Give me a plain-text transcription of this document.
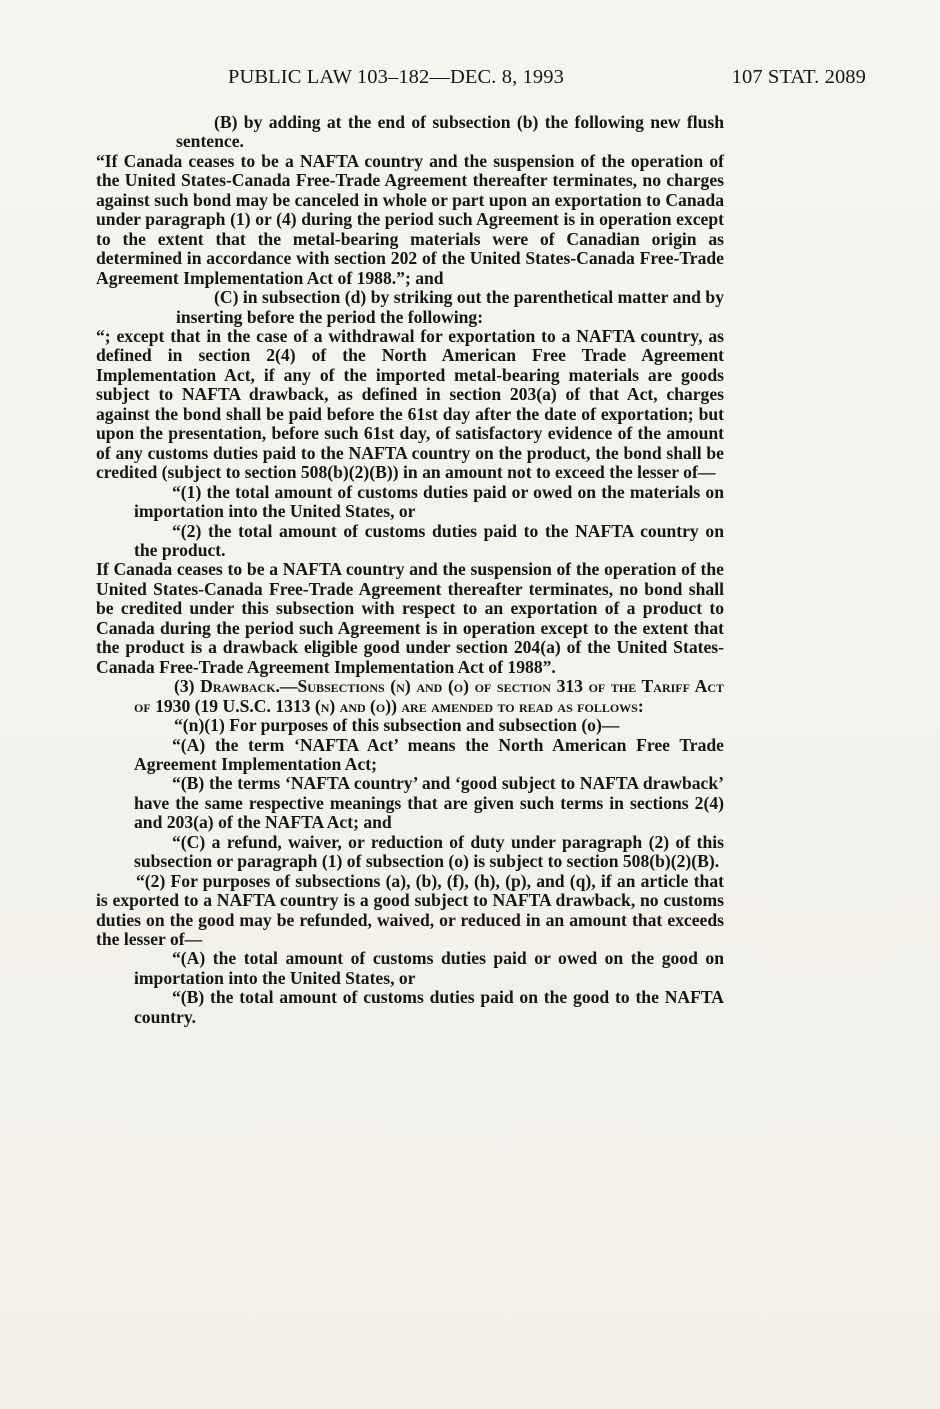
PUBLIC LAW 103–182—DEC. 8, 1993	107 STAT. 2089

(B) by adding at the end of subsection (b) the following new flush sentence.

“If Canada ceases to be a NAFTA country and the suspension of the operation of the United States-Canada Free-Trade Agreement thereafter terminates, no charges against such bond may be canceled in whole or part upon an exportation to Canada under paragraph (1) or (4) during the period such Agreement is in operation except to the extent that the metal-bearing materials were of Canadian origin as determined in accordance with section 202 of the United States-Canada Free-Trade Agreement Implementation Act of 1988.”; and

(C) in subsection (d) by striking out the parenthetical matter and by inserting before the period the following:

“; except that in the case of a withdrawal for exportation to a NAFTA country, as defined in section 2(4) of the North American Free Trade Agreement Implementation Act, if any of the imported metal-bearing materials are goods subject to NAFTA drawback, as defined in section 203(a) of that Act, charges against the bond shall be paid before the 61st day after the date of exportation; but upon the presentation, before such 61st day, of satisfactory evidence of the amount of any customs duties paid to the NAFTA country on the product, the bond shall be credited (subject to section 508(b)(2)(B)) in an amount not to exceed the lesser of—

“(1) the total amount of customs duties paid or owed on the materials on importation into the United States, or

“(2) the total amount of customs duties paid to the NAFTA country on the product.

If Canada ceases to be a NAFTA country and the suspension of the operation of the United States-Canada Free-Trade Agreement thereafter terminates, no bond shall be credited under this subsection with respect to an exportation of a product to Canada during the period such Agreement is in operation except to the extent that the product is a drawback eligible good under section 204(a) of the United States-Canada Free-Trade Agreement Implementation Act of 1988”.

(3) Drawback.—Subsections (n) and (o) of section 313 of the Tariff Act of 1930 (19 U.S.C. 1313 (n) and (o)) are amended to read as follows:

“(n)(1) For purposes of this subsection and subsection (o)—

“(A) the term ‘NAFTA Act’ means the North American Free Trade Agreement Implementation Act;

“(B) the terms ‘NAFTA country’ and ‘good subject to NAFTA drawback’ have the same respective meanings that are given such terms in sections 2(4) and 203(a) of the NAFTA Act; and

“(C) a refund, waiver, or reduction of duty under paragraph (2) of this subsection or paragraph (1) of subsection (o) is subject to section 508(b)(2)(B).

“(2) For purposes of subsections (a), (b), (f), (h), (p), and (q), if an article that is exported to a NAFTA country is a good subject to NAFTA drawback, no customs duties on the good may be refunded, waived, or reduced in an amount that exceeds the lesser of—

“(A) the total amount of customs duties paid or owed on the good on importation into the United States, or

“(B) the total amount of customs duties paid on the good to the NAFTA country.
